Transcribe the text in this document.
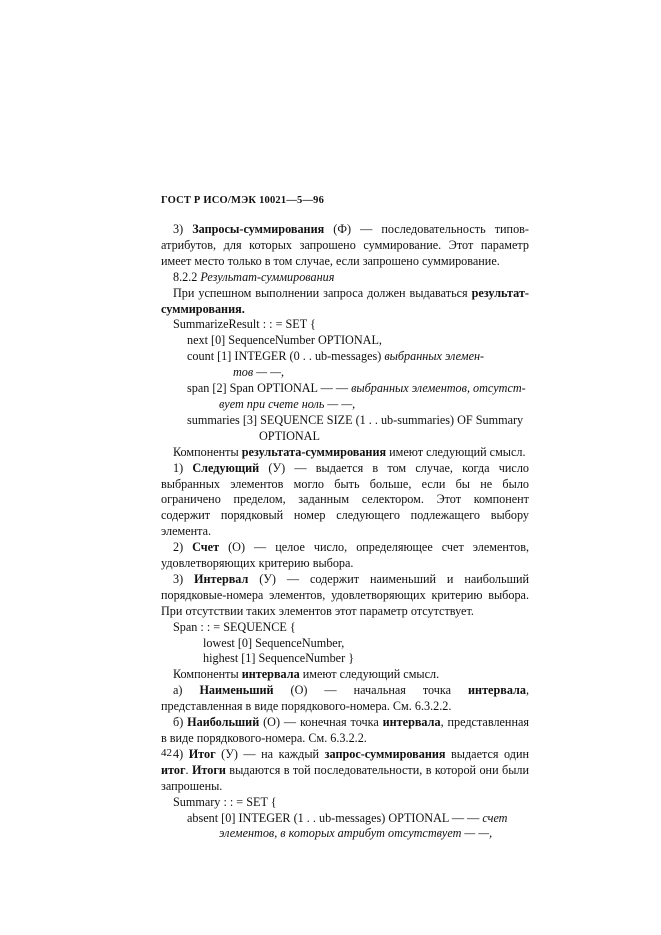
ГОСТ Р ИСО/МЭК 10021—5—96

3) Запросы-суммирования (Ф) — последовательность типов-атрибутов, для которых запрошено суммирование. Этот параметр имеет место только в том случае, если запрошено суммирование.

8.2.2 Результат-суммирования

При успешном выполнении запроса должен выдаваться результат-суммирования.

SummarizeResult : : = SET {

next [0] SequenceNumber OPTIONAL,

count [1] INTEGER (0 . . ub-messages) выбранных элемен-

тов — —,

span [2] Span OPTIONAL — — выбранных элементов, отсутст-

вует при счете ноль — —,

summaries [3] SEQUENCE SIZE (1 . . ub-summaries) OF Summary

OPTIONAL

Компоненты результата-суммирования имеют следующий смысл.

1) Следующий (У) — выдается в том случае, когда число выбранных элементов могло быть больше, если бы не было ограничено пределом, заданным селектором. Этот компонент содержит порядковый номер следующего подлежащего выбору элемента.

2) Счет (О) — целое число, определяющее счет элементов, удовлетворяющих критерию выбора.

3) Интервал (У) — содержит наименьший и наибольший порядковые-номера элементов, удовлетворяющих критерию выбора. При отсутствии таких элементов этот параметр отсутствует.

Span : : = SEQUENCE {

lowest [0] SequenceNumber,

highest [1] SequenceNumber }

Компоненты интервала имеют следующий смысл.

а) Наименьший (О) — начальная точка интервала, представленная в виде порядкового-номера. См. 6.3.2.2.

б) Наибольший (О) — конечная точка интервала, представленная в виде порядкового-номера. См. 6.3.2.2.

4) Итог (У) — на каждый запрос-суммирования выдается один итог. Итоги выдаются в той последовательности, в которой они были запрошены.

Summary : : = SET {

absent [0] INTEGER (1 . . ub-messages) OPTIONAL — — счет

элементов, в которых атрибут отсутствует — —,

42
